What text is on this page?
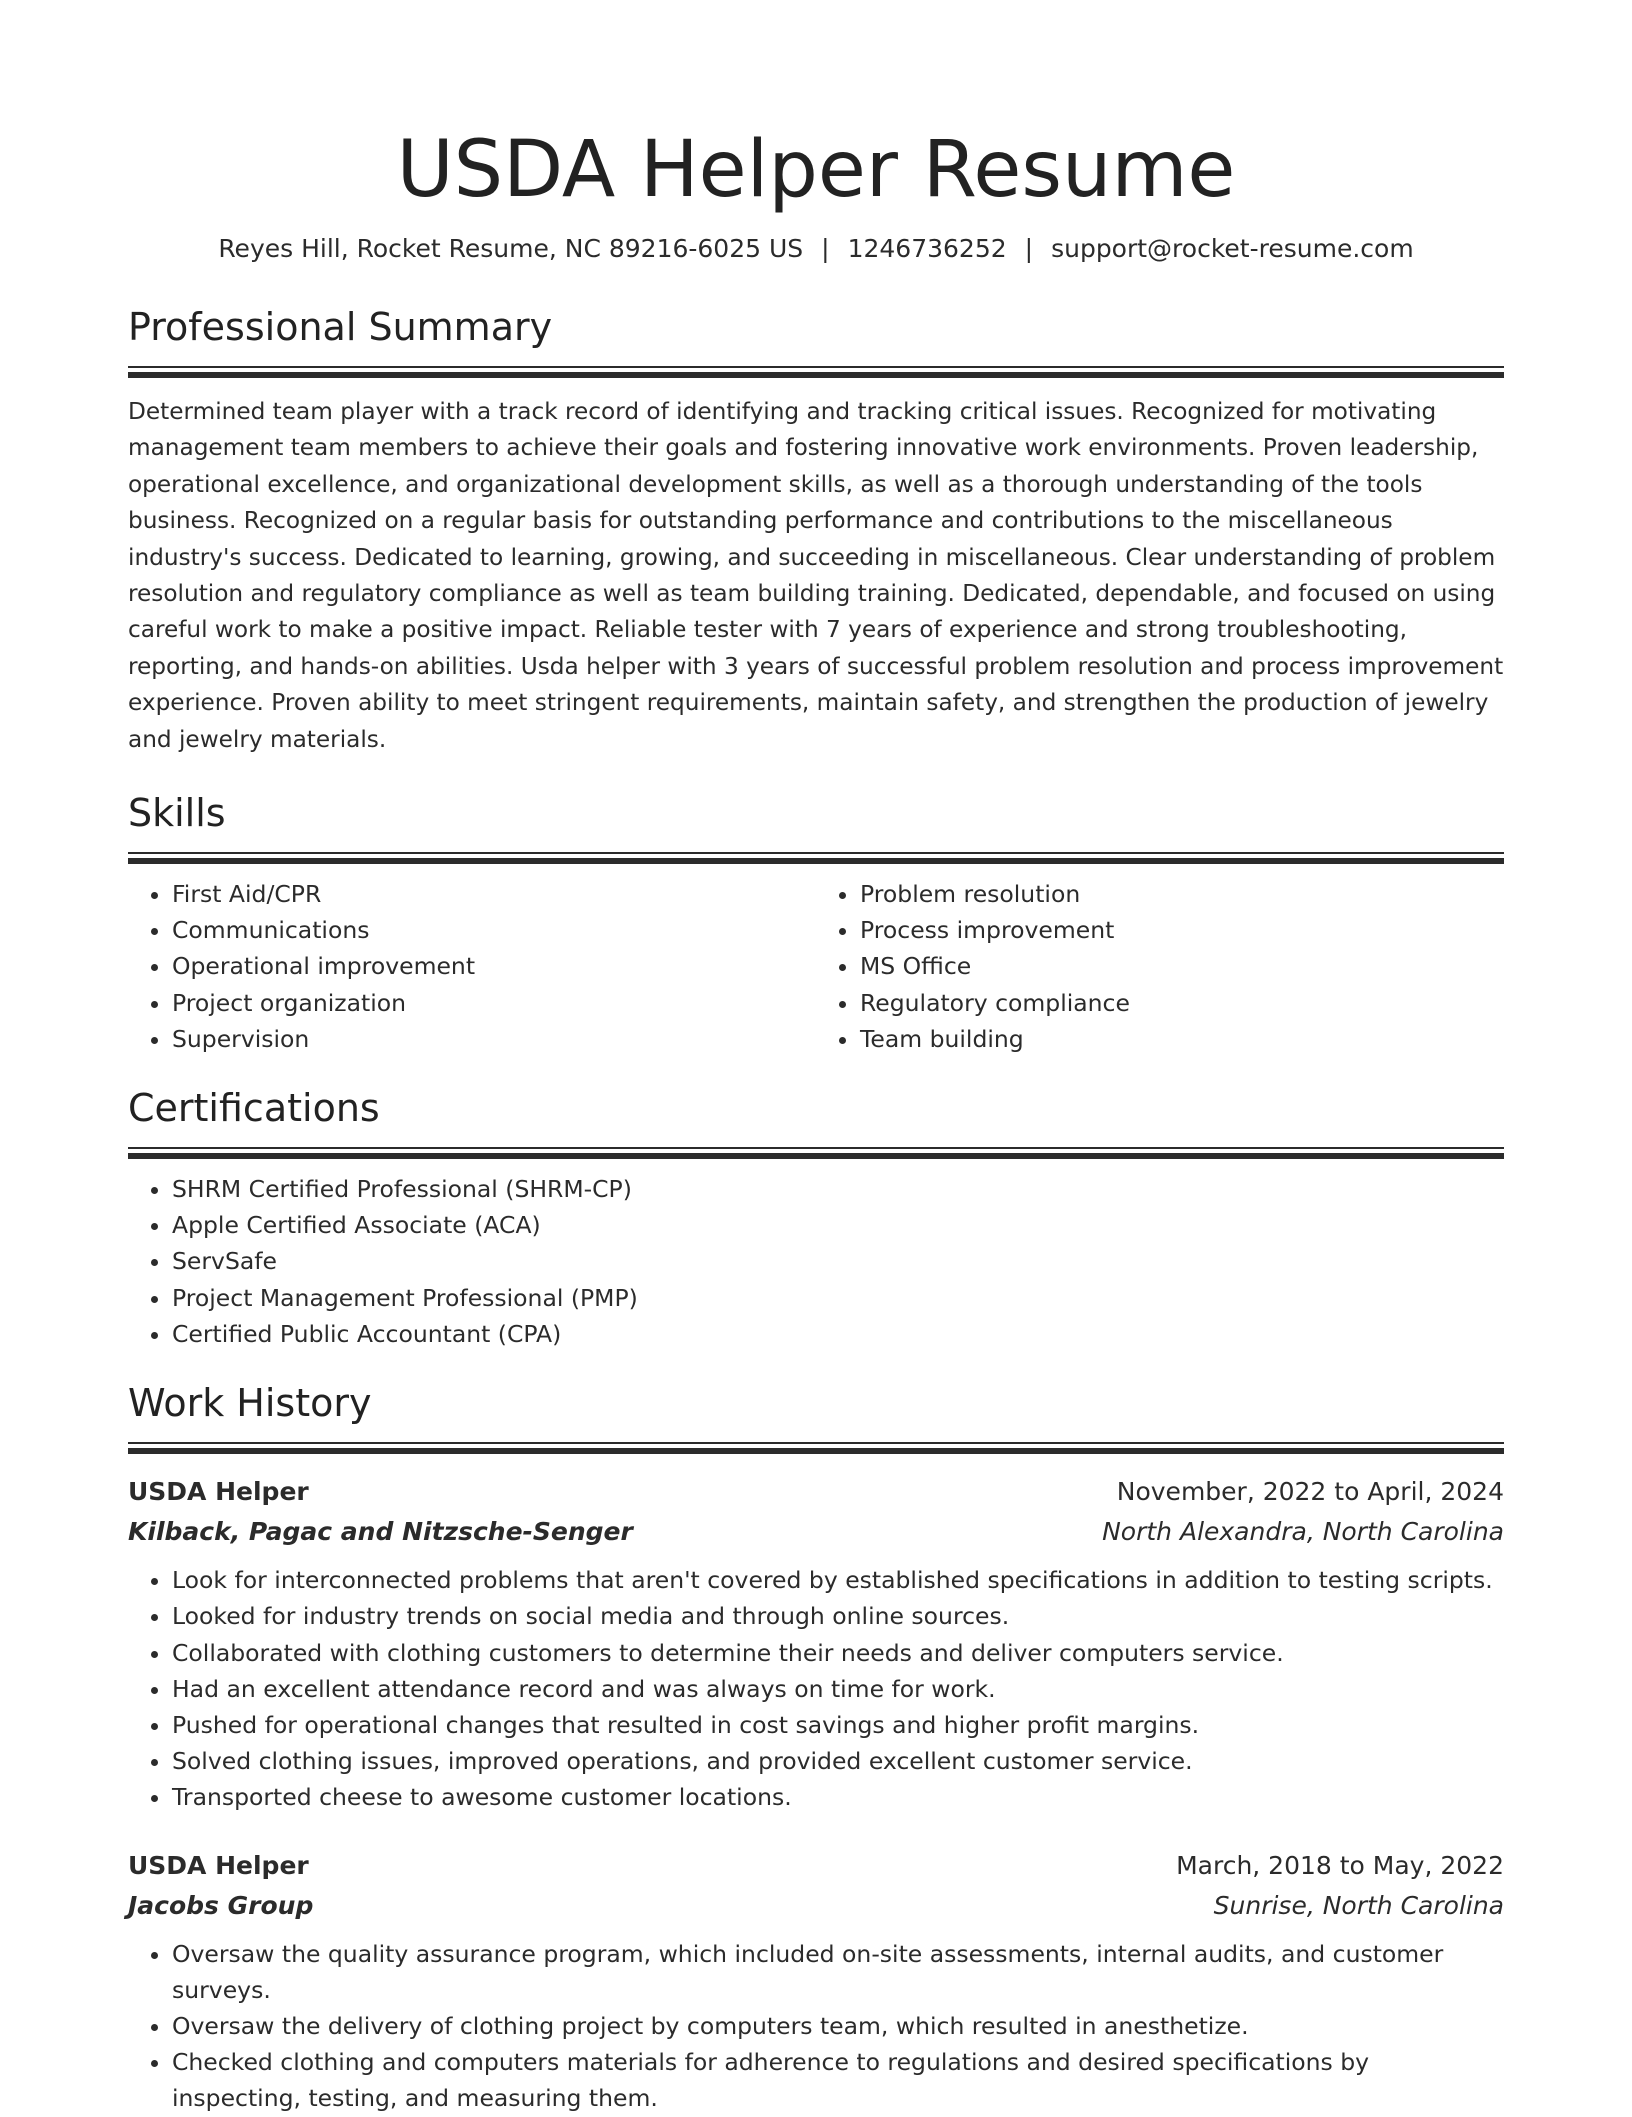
USDA Helper Resume
Reyes Hill, Rocket Resume, NC 89216-6025 US | 1246736252 | support@rocket-resume.com
Professional Summary

Determined team player with a track record of identifying and tracking critical issues. Recognized for motivating management team members to achieve their goals and fostering innovative work environments. Proven leadership, operational excellence, and organizational development skills, as well as a thorough understanding of the tools business. Recognized on a regular basis for outstanding performance and contributions to the miscellaneous industry's success. Dedicated to learning, growing, and succeeding in miscellaneous. Clear understanding of problem resolution and regulatory compliance as well as team building training. Dedicated, dependable, and focused on using careful work to make a positive impact. Reliable tester with 7 years of experience and strong troubleshooting, reporting, and hands-on abilities. Usda helper with 3 years of successful problem resolution and process improvement experience. Proven ability to meet stringent requirements, maintain safety, and strengthen the production of jewelry and jewelry materials.

Skills
• First Aid/CPR
• Communications
• Operational improvement
• Project organization
• Supervision
• Problem resolution
• Process improvement
• MS Office
• Regulatory compliance
• Team building
Certifications
• SHRM Certified Professional (SHRM-CP)
• Apple Certified Associate (ACA)
• ServSafe
• Project Management Professional (PMP)
• Certified Public Accountant (CPA)
Work History
USDA Helper	November, 2022 to April, 2024
Kilback, Pagac and Nitzsche-Senger	North Alexandra, North Carolina
• Look for interconnected problems that aren't covered by established specifications in addition to testing scripts.
• Looked for industry trends on social media and through online sources.
• Collaborated with clothing customers to determine their needs and deliver computers service.
• Had an excellent attendance record and was always on time for work.
• Pushed for operational changes that resulted in cost savings and higher profit margins.
• Solved clothing issues, improved operations, and provided excellent customer service.
• Transported cheese to awesome customer locations.
USDA Helper	March, 2018 to May, 2022
Jacobs Group	Sunrise, North Carolina
• Oversaw the quality assurance program, which included on-site assessments, internal audits, and customer surveys.
• Oversaw the delivery of clothing project by computers team, which resulted in anesthetize.
• Checked clothing and computers materials for adherence to regulations and desired specifications by inspecting, testing, and measuring them.
